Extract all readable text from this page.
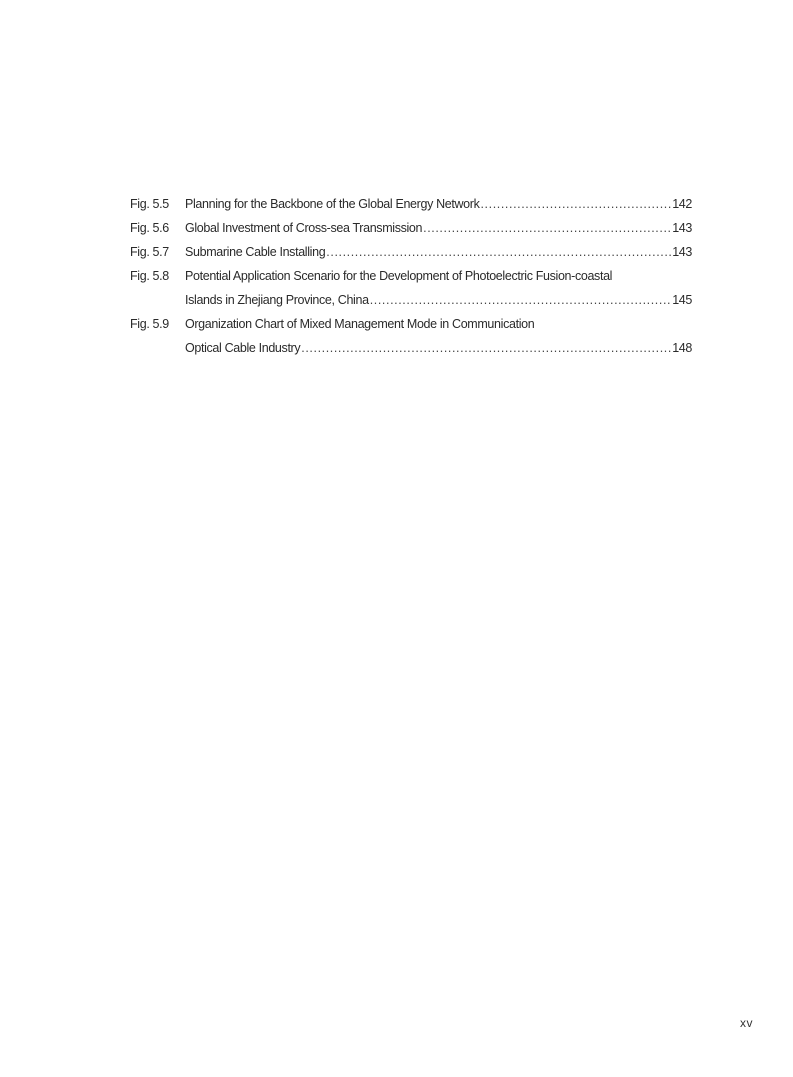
Fig. 5.5	Planning for the Backbone of the Global Energy Network .....	142
Fig. 5.6	Global Investment of Cross-sea Transmission .....	143
Fig. 5.7	Submarine Cable Installing .....	143
Fig. 5.8	Potential Application Scenario for the Development of Photoelectric Fusion-coastal
Islands in Zhejiang Province, China .....	145
Fig. 5.9	Organization Chart of Mixed Management Mode in Communication
Optical Cable Industry .....	148
xv
